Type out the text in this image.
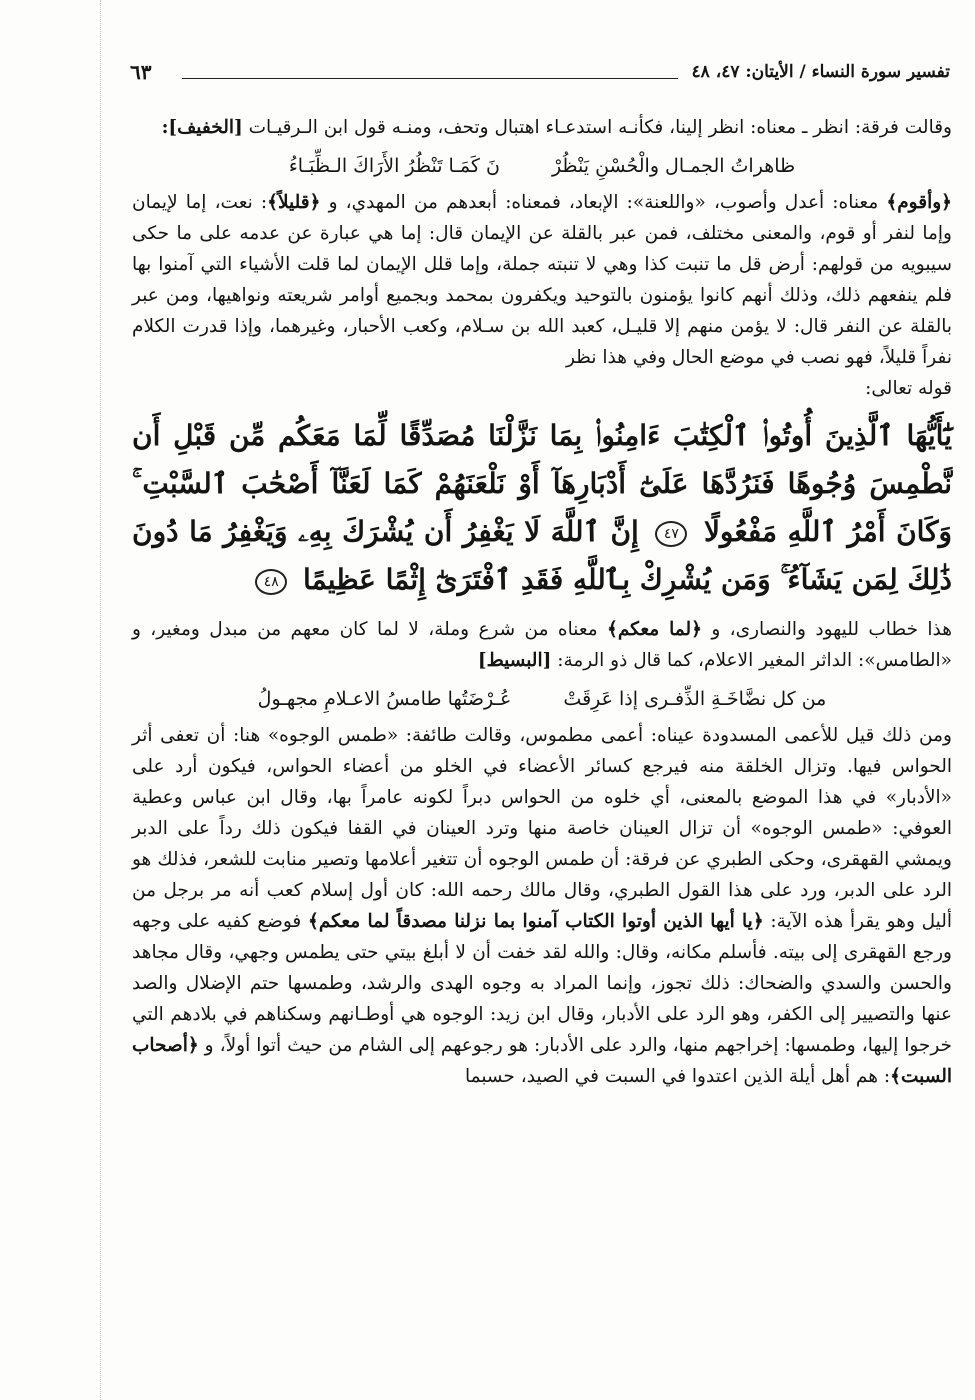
تفسير سورة النساء / الأيتان: ٤٧، ٤٨
٦٣

وقالت فرقة: انظر ـ معناه: انظر إلينا، فكأنـه استدعـاء اهتبال وتحف، ومنـه قول ابن الـرقيـات [الخفيف]:

ظاهراتُ الجمـال والْحُسْنِ يَنْظُرْ
نَ كَمَـا تَنْظُرُ الأَرَاكَ الـظِّبَـاءُ

﴿وأقوم﴾ معناه: أعدل وأصوب، «واللعنة»: الإبعاد، فمعناه: أبعدهم من المهدي، و ﴿قليلاً﴾: نعت، إما لإيمان وإما لنفر أو قوم، والمعنى مختلف، فمن عبر بالقلة عن الإيمان قال: إما هي عبارة عن عدمه على ما حكى سيبويه من قولهم: أرض قل ما تنبت كذا وهي لا تنبته جملة، وإما قلل الإيمان لما قلت الأشياء التي آمنوا بها فلم ينفعهم ذلك، وذلك أنهم كانوا يؤمنون بالتوحيد ويكفرون بمحمد وبجميع أوامر شريعته ونواهيها، ومن عبر بالقلة عن النفر قال: لا يؤمن منهم إلا قليـل، كعبد الله بن سـلام، وكعب الأحبار، وغيرهما، وإذا قدرت الكلام نفراً قليلاً، فهو نصب في موضع الحال وفي هذا نظر

قوله تعالى:

يَٰٓأَيُّهَا ٱلَّذِينَ أُوتُوا۟ ٱلْكِتَٰبَ ءَامِنُوا۟ بِمَا نَزَّلْنَا مُصَدِّقًا لِّمَا مَعَكُم مِّن قَبْلِ أَن نَّطْمِسَ وُجُوهًا فَنَرُدَّهَا عَلَىٰٓ أَدْبَارِهَآ أَوْ نَلْعَنَهُمْ كَمَا لَعَنَّآ أَصْحَٰبَ ٱلسَّبْتِ ۚ وَكَانَ أَمْرُ ٱللَّهِ مَفْعُولًا ٤٧ إِنَّ ٱللَّهَ لَا يَغْفِرُ أَن يُشْرَكَ بِهِۦ وَيَغْفِرُ مَا دُونَ ذَٰلِكَ لِمَن يَشَآءُ ۚ وَمَن يُشْرِكْ بِٱللَّهِ فَقَدِ ٱفْتَرَىٰٓ إِثْمًا عَظِيمًا ٤٨

هذا خطاب لليهود والنصارى، و ﴿لما معكم﴾ معناه من شرع وملة، لا لما كان معهم من مبدل ومغير، و «الطامس»: الداثر المغير الاعلام، كما قال ذو الرمة: [البسيط]

من كل نضَّاخَـةِ الذِّفـرى إذا عَرِقَتْ
عُـرْضَتُها طامسُ الاعـلامِ مجهـولُ

ومن ذلك قيل للأعمى المسدودة عيناه: أعمى مطموس، وقالت طائفة: «طمس الوجوه» هنا: أن تعفى أثر الحواس فيها. وتزال الخلقة منه فيرجع كسائر الأعضاء في الخلو من أعضاء الحواس، فيكون أرد على «الأدبار» في هذا الموضع بالمعنى، أي خلوه من الحواس دبراً لكونه عامراً بها، وقال ابن عباس وعطية العوفي: «طمس الوجوه» أن تزال العينان خاصة منها وترد العينان في القفا فيكون ذلك رداً على الدبر ويمشي القهقرى، وحكى الطبري عن فرقة: أن طمس الوجوه أن تتغير أعلامها وتصير منابت للشعر، فذلك هو الرد على الدبر، ورد على هذا القول الطبري، وقال مالك رحمه الله: كان أول إسلام كعب أنه مر برجل من أليل وهو يقرأ هذه الآية: ﴿يا أيها الذين أوتوا الكتاب آمنوا بما نزلنا مصدقاً لما معكم﴾ فوضع كفيه على وجهه ورجع القهقرى إلى بيته. فأسلم مكانه، وقال: والله لقد خفت أن لا أبلغ بيتي حتى يطمس وجهي، وقال مجاهد والحسن والسدي والضحاك: ذلك تجوز، وإنما المراد به وجوه الهدى والرشد، وطمسها حتم الإضلال والصد عنها والتصيير إلى الكفر، وهو الرد على الأدبار، وقال ابن زيد: الوجوه هي أوطـانهم وسكناهم في بلادهم التي خرجوا إليها، وطمسها: إخراجهم منها، والرد على الأدبار: هو رجوعهم إلى الشام من حيث أتوا أولاً، و ﴿أصحاب السبت﴾: هم أهل أيلة الذين اعتدوا في السبت في الصيد، حسبما
